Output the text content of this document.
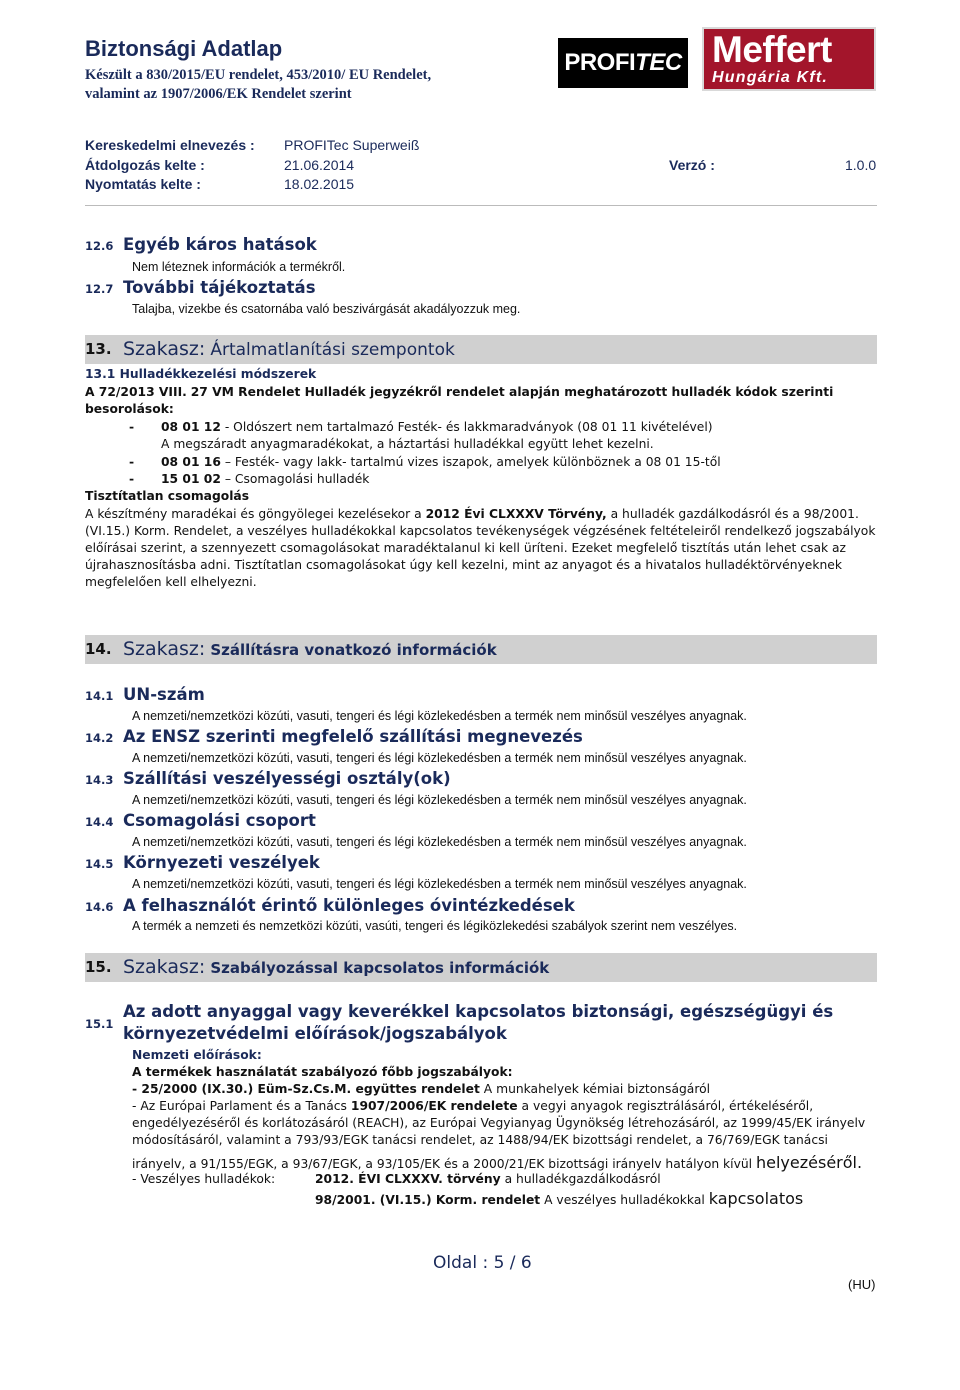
Biztonsági Adatlap
Készült a 830/2015/EU rendelet, 453/2010/ EU Rendelet,
valamint az 1907/2006/EK Rendelet szerint
PROFI TEC Meffert
Hungária Kft.
Kereskedelmi elnevezés : PROFITec Superweiß
Átdolgozás kelte :	21.06.2014	Verzó :	1.0.0
Nyomtatás kelte :	18.02.2015
12.6 Egyéb káros hatások
Nem léteznek információk a termékről.
12.7 További tájékoztatás
Talajba, vizekbe és csatornába való beszivárgását akadályozzuk meg.
13. Szakasz: Ártalmatlanítási szempontok
13.1 Hulladékkezelési módszerek
A 72/2013 VIII. 27 VM Rendelet Hulladék jegyzékről rendelet alapján meghatározott hulladék kódok szerinti
besorolások:
- 08 01 12 - Oldószert nem tartalmazó Festék- és lakkmaradványok (08 01 11 kivételével)
A megszáradt anyagmaradékokat, a háztartási hulladékkal együtt lehet kezelni.
- 08 01 16 – Festék- vagy lakk- tartalmú vizes iszapok, amelyek különböznek a 08 01 15-től
- 15 01 02 – Csomagolási hulladék
Tisztítatlan csomagolás
A készítmény maradékai és göngyölegei kezelésekor a 2012 Évi CLXXXV Törvény, a hulladék gazdálkodásról és a 98/2001.
(VI.15.) Korm. Rendelet, a veszélyes hulladékokkal kapcsolatos tevékenységek végzésének feltételeiről rendelkező jogszabályok
előírásai szerint, a szennyezett csomagolásokat maradéktalanul ki kell üríteni. Ezeket megfelelő tisztítás után lehet csak az
újrahasznosításba adni. Tisztítatlan csomagolásokat úgy kell kezelni, mint az anyagot és a hivatalos hulladéktörvényeknek
megfelelően kell elhelyezni.
14. Szakasz: Szállításra vonatkozó információk
14.1 UN-szám
A nemzeti/nemzetközi közúti, vasuti, tengeri és légi közlekedésben a termék nem minősül veszélyes anyagnak.
14.2 Az ENSZ szerinti megfelelő szállítási megnevezés
A nemzeti/nemzetközi közúti, vasuti, tengeri és légi közlekedésben a termék nem minősül veszélyes anyagnak.
14.3 Szállítási veszélyességi osztály(ok)
A nemzeti/nemzetközi közúti, vasuti, tengeri és légi közlekedésben a termék nem minősül veszélyes anyagnak.
14.4 Csomagolási csoport
A nemzeti/nemzetközi közúti, vasuti, tengeri és légi közlekedésben a termék nem minősül veszélyes anyagnak.
14.5 Környezeti veszélyek
A nemzeti/nemzetközi közúti, vasuti, tengeri és légi közlekedésben a termék nem minősül veszélyes anyagnak.
14.6 A felhasználót érintő különleges óvintézkedések
A termék a nemzeti és nemzetközi közúti, vasúti, tengeri és légiközlekedési szabályok szerint nem veszélyes.
15. Szakasz: Szabályozással kapcsolatos információk
15.1
Az adott anyaggal vagy keverékkel kapcsolatos biztonsági, egészségügyi és
környezetvédelmi előírások/jogszabályok
Nemzeti előírások:
A termékek használatát szabályozó főbb jogszabályok:
- 25/2000 (IX.30.) Eüm-Sz.Cs.M. együttes rendelet A munkahelyek kémiai biztonságáról
- Az Európai Parlament és a Tanács 1907/2006/EK rendelete a vegyi anyagok regisztrálásáról, értékeléséről,
engedélyezéséről és korlátozásáról (REACH), az Európai Vegyianyag Ügynökség létrehozásáról, az 1999/45/EK irányelv
módosításáról, valamint a 793/93/EGK tanácsi rendelet, az 1488/94/EK bizottsági rendelet, a 76/769/EGK tanácsi
irányelv, a 91/155/EGK, a 93/67/EGK, a 93/105/EK és a 2000/21/EK bizottsági irányelv hatályon kívül helyezéséről.
- Veszélyes hulladékok:	2012. ÉVI CLXXXV. törvény a hulladékgazdálkodásról
98/2001. (VI.15.) Korm. rendelet A veszélyes hulladékokkal kapcsolatos
Oldal : 5 / 6
(HU)
